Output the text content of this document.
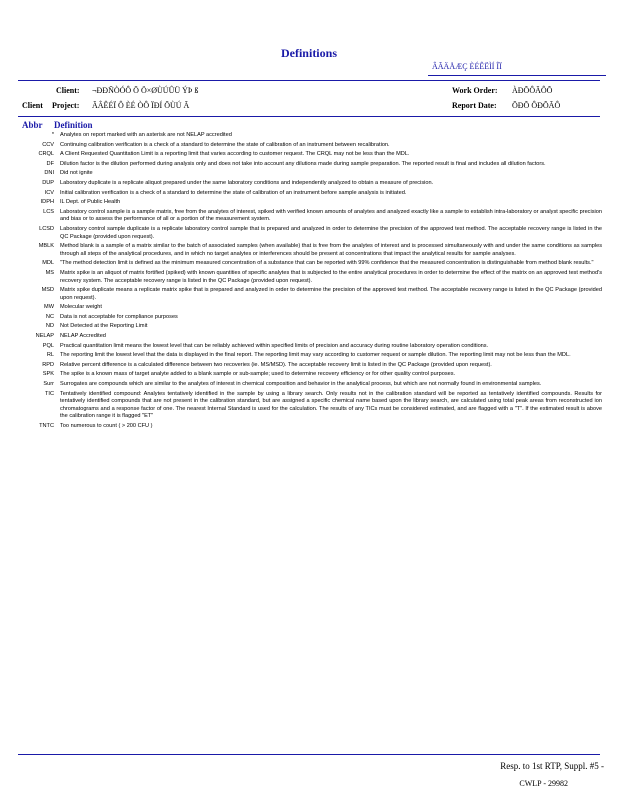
Definitions
ÂÃÄÅÆÇ ÈÉÊËÌÍ ÎÏ
Client: ¬ÐÐÑÒÓÔ Õ Ö×ØÙÚÛÜ ÝÞ ß
Client Project: ÃÂÊÉÏ Ô ÈÉ ÒÔ ÏÐÍ ÕÙÚ Ã
Work Order: ÀÐÕÔÃÔÕ
Report Date: ÕÐÕ ÔÐÕÃÔ
Abbr Definition
*	Analytes on report marked with an asterisk are not NELAP accredited
CCV	Continuing calibration verification is a check of a standard to determine the state of calibration of an instrument between recalibration.
CRQL	A Client Requested Quantitation Limit is a reporting limit that varies according to customer request. The CRQL may not be less than the MDL.
DF	Dilution factor is the dilution performed during analysis only and does not take into account any dilutions made during sample preparation. The reported result is final and includes all dilution factors.
DNI	Did not ignite
DUP	Laboratory duplicate is a replicate aliquot prepared under the same laboratory conditions and independently analyzed to obtain a measure of precision.
ICV	Initial calibration verification is a check of a standard to determine the state of calibration of an instrument before sample analysis is initiated.
IDPH	IL Dept. of Public Health
LCS	Laboratory control sample is a sample matrix, free from the analytes of interest, spiked with verified known amounts of analytes and analyzed exactly like a sample to establish intra-laboratory or analyst specific precision and bias or to assess the performance of all or a portion of the measurement system.
LCSD	Laboratory control sample duplicate is a replicate laboratory control sample that is prepared and analyzed in order to determine the precision of the approved test method. The acceptable recovery range is listed in the QC Package (provided upon request).
MBLK	Method blank is a sample of a matrix similar to the batch of associated samples (when available) that is free from the analytes of interest and is processed simultaneously with and under the same conditions as samples through all steps of the analytical procedures, and in which no target analytes or interferences should be present at concentrations that impact the analytical results for sample analyses.
MDL	"The method detection limit is defined as the minimum measured concentration of a substance that can be reported with 99% confidence that the measured concentration is distinguishable from method blank results."
MS	Matrix spike is an aliquot of matrix fortified (spiked) with known quantities of specific analytes that is subjected to the entire analytical procedures in order to determine the effect of the matrix on an approved test method's recovery system. The acceptable recovery range is listed in the QC Package (provided upon request).
MSD	Matrix spike duplicate means a replicate matrix spike that is prepared and analyzed in order to determine the precision of the approved test method. The acceptable recovery range is listed in the QC Package (provided upon request).
MW	Molecular weight
NC	Data is not acceptable for compliance purposes
ND	Not Detected at the Reporting Limit
NELAP	NELAP Accredited
PQL	Practical quantitation limit means the lowest level that can be reliably achieved within specified limits of precision and accuracy during routine laboratory operation conditions.
RL	The reporting limit the lowest level that the data is displayed in the final report. The reporting limit may vary according to customer request or sample dilution. The reporting limit may not be less than the MDL.
RPD	Relative percent difference is a calculated difference between two recoveries (ie. MS/MSD). The acceptable recovery limit is listed in the QC Package (provided upon request).
SPK	The spike is a known mass of target analyte added to a blank sample or sub-sample; used to determine recovery efficiency or for other quality control purposes.
Surr	Surrogates are compounds which are similar to the analytes of interest in chemical composition and behavior in the analytical process, but which are not normally found in environmental samples.
TIC	Tentatively identified compound: Analytes tentatively identified in the sample by using a library search. Only results not in the calibration standard will be reported as tentatively identified compounds. Results for tentatively identified compounds that are not present in the calibration standard, but are assigned a specific chemical name based upon the library search, are calculated using total peak areas from reconstructed ion chromatograms and a response factor of one. The nearest Internal Standard is used for the calculation. The results of any TICs must be considered estimated, and are flagged with a "T". If the estimated result is above the calibration range it is flagged "ET"
TNTC	Too numerous to count ( > 200 CFU )
Resp. to 1st RTP, Suppl. #5 -
CWLP - 29982
